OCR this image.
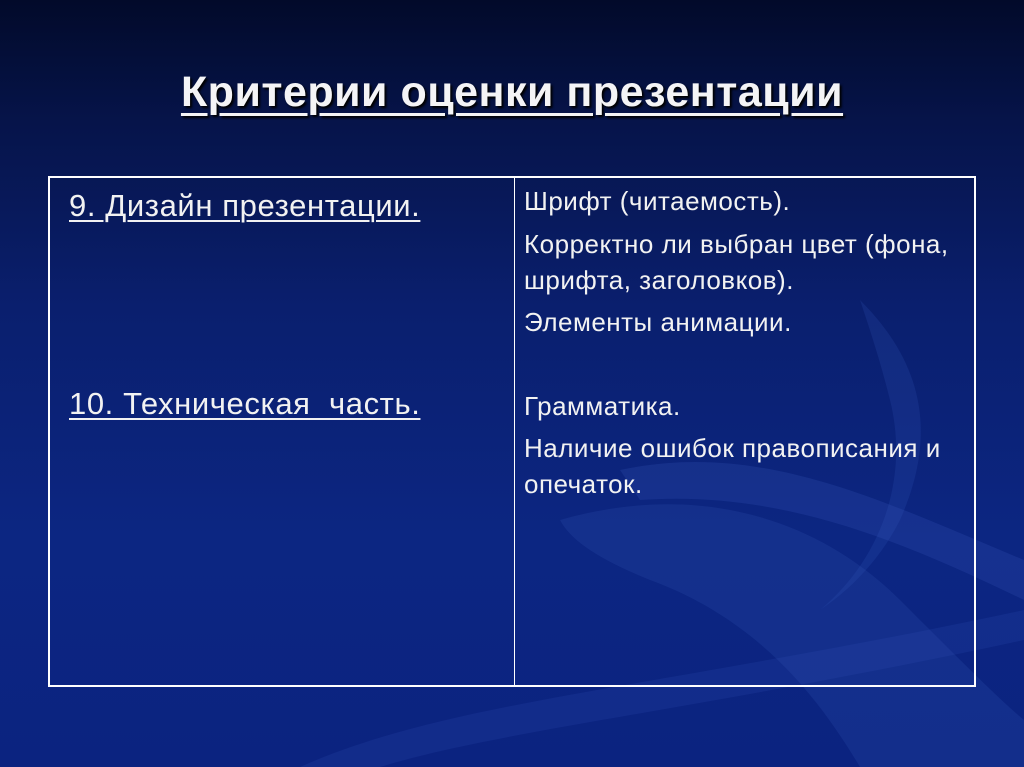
Критерии оценки презентации

9. Дизайн презентации.

10. Техническая  часть.

Шрифт (читаемость).

Корректно ли выбран цвет (фона, шрифта, заголовков).

Элементы анимации.

Грамматика.

Наличие ошибок правописания и опечаток.
